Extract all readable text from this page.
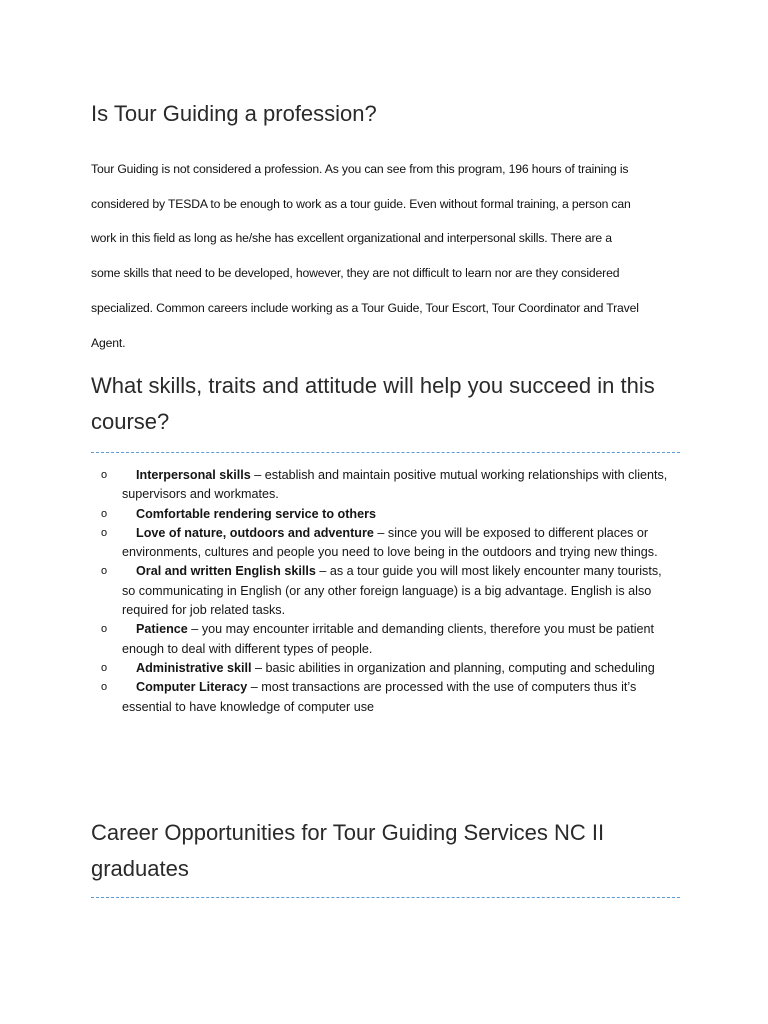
Is Tour Guiding a profession?
Tour Guiding is not considered a profession. As you can see from this program, 196 hours of training is
considered by TESDA to be enough to work as a tour guide. Even without formal training, a person can
work in this field as long as he/she has excellent organizational and interpersonal skills. There are a
some skills that need to be developed, however, they are not difficult to learn nor are they considered
specialized. Common careers include working as a Tour Guide, Tour Escort, Tour Coordinator and Travel
Agent.
What skills, traits and attitude will help you succeed in this course?
o	Interpersonal skills – establish and maintain positive mutual working relationships with clients, supervisors and workmates.
o	Comfortable rendering service to others
o	Love of nature, outdoors and adventure – since you will be exposed to different places or environments, cultures and people you need to love being in the outdoors and trying new things.
o	Oral and written English skills – as a tour guide you will most likely encounter many tourists, so communicating in English (or any other foreign language) is a big advantage. English is also required for job related tasks.
o	Patience – you may encounter irritable and demanding clients, therefore you must be patient enough to deal with different types of people.
o	Administrative skill – basic abilities in organization and planning, computing and scheduling
o	Computer Literacy – most transactions are processed with the use of computers thus it’s essential to have knowledge of computer use
Career Opportunities for Tour Guiding Services NC II graduates
